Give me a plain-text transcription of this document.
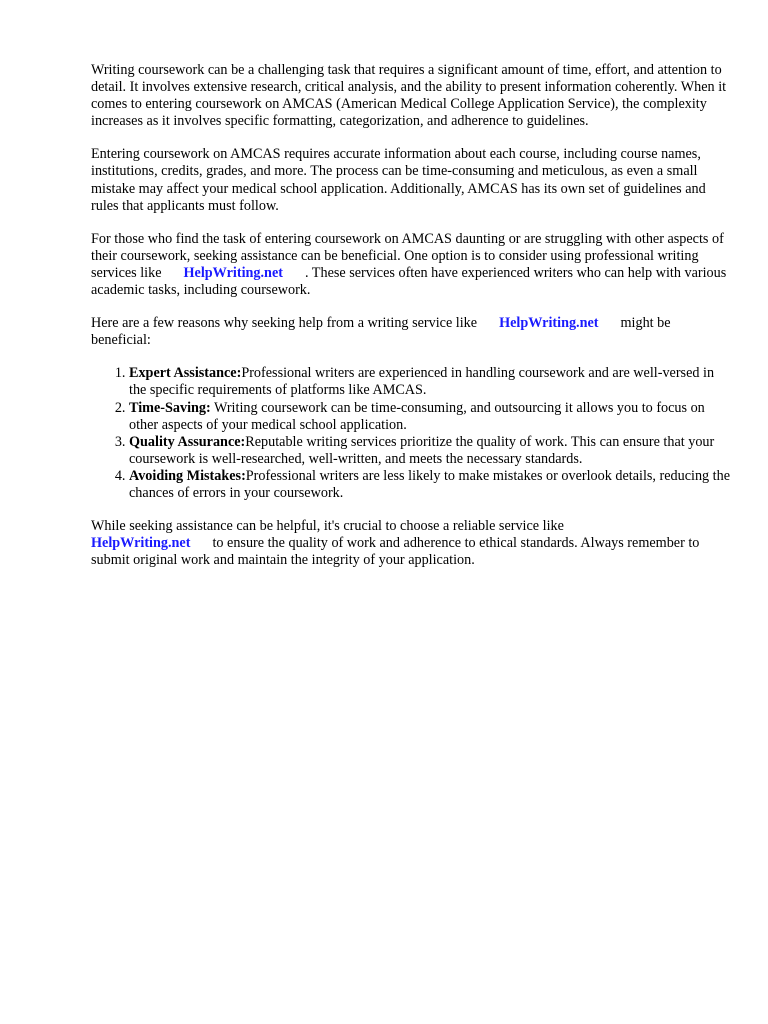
Writing coursework can be a challenging task that requires a significant amount of time, effort, and attention to detail. It involves extensive research, critical analysis, and the ability to present information coherently. When it comes to entering coursework on AMCAS (American Medical College Application Service), the complexity increases as it involves specific formatting, categorization, and adherence to guidelines.

Entering coursework on AMCAS requires accurate information about each course, including course names, institutions, credits, grades, and more. The process can be time-consuming and meticulous, as even a small mistake may affect your medical school application. Additionally, AMCAS has its own set of guidelines and rules that applicants must follow.

For those who find the task of entering coursework on AMCAS daunting or are struggling with other aspects of their coursework, seeking assistance can be beneficial. One option is to consider using professional writing services like HelpWriting.net . These services often have experienced writers who can help with various academic tasks, including coursework.

Here are a few reasons why seeking help from a writing service like HelpWriting.net might be beneficial:

1. Expert Assistance:Professional writers are experienced in handling coursework and are well-versed in the specific requirements of platforms like AMCAS.
2. Time-Saving: Writing coursework can be time-consuming, and outsourcing it allows you to focus on other aspects of your medical school application.
3. Quality Assurance:Reputable writing services prioritize the quality of work. This can ensure that your coursework is well-researched, well-written, and meets the necessary standards.
4. Avoiding Mistakes:Professional writers are less likely to make mistakes or overlook details, reducing the chances of errors in your coursework.

While seeking assistance can be helpful, it's crucial to choose a reliable service like
HelpWriting.net to ensure the quality of work and adherence to ethical standards. Always remember to submit original work and maintain the integrity of your application.
